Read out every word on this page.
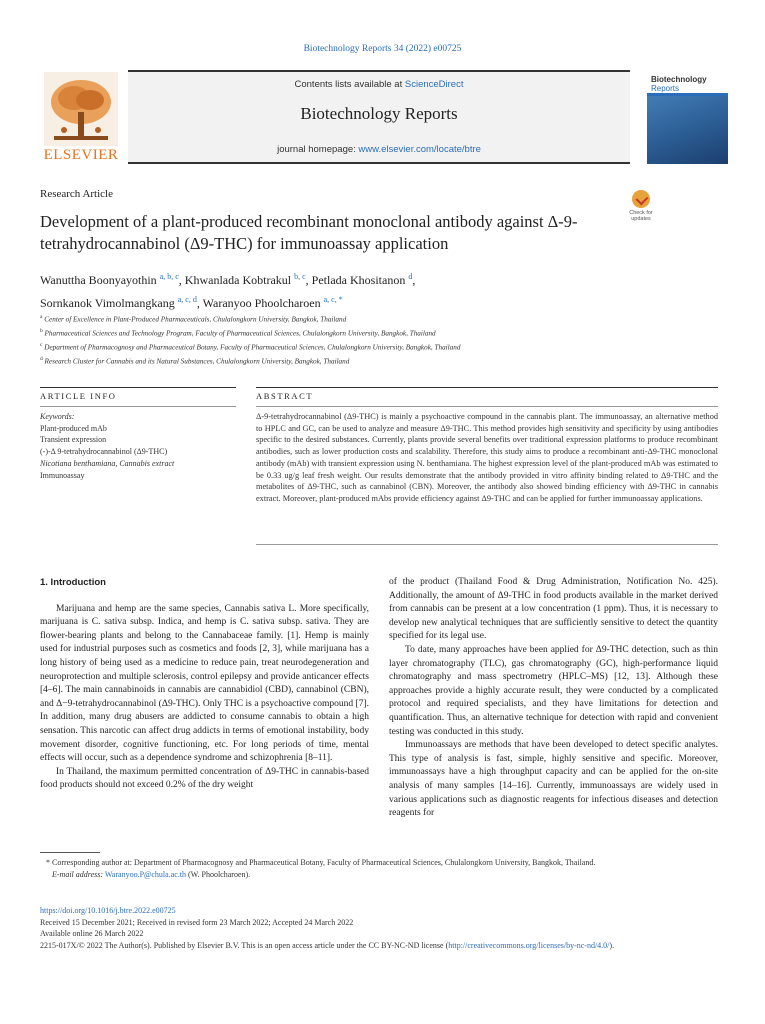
Biotechnology Reports 34 (2022) e00725
ELSEVIER
Contents lists available at ScienceDirect
Biotechnology Reports
journal homepage: www.elsevier.com/locate/btre
Biotechnology
Reports
Research Article
Development of a plant-produced recombinant monoclonal antibody against Δ-9-tetrahydrocannabinol (Δ9-THC) for immunoassay application
Check for updates
Wanuttha Boonyayothin $^{a, b, c}$, Khwanlada Kobtrakul $^{b, c}$, Petlada Khositanon $^d$,
Sornkanok Vimolmangkang $^{a, c, d}$, Waranyoo Phoolcharoen $^{a, c, *}$
$^a$ Center of Excellence in Plant-Produced Pharmaceuticals, Chulalongkorn University, Bangkok, Thailand
$^b$ Pharmaceutical Sciences and Technology Program, Faculty of Pharmaceutical Sciences, Chulalongkorn University, Bangkok, Thailand
$^c$ Department of Pharmacognosy and Pharmaceutical Botany, Faculty of Pharmaceutical Sciences, Chulalongkorn University, Bangkok, Thailand
$^d$ Research Cluster for Cannabis and its Natural Substances, Chulalongkorn University, Bangkok, Thailand
ARTICLE INFO	ABSTRACT
Keywords:
Plant-produced mAb
Transient expression
(-)-Δ 9-tetrahydrocannabinol (Δ9-THC)
Nicotiana benthamiana, Cannabis extract
Immunoassay
Δ-9-tetrahydrocannabinol (Δ9-THC) is mainly a psychoactive compound in the cannabis plant. The immunoassay, an alternative method to HPLC and GC, can be used to analyze and measure Δ9-THC. This method provides high sensitivity and specificity by using antibodies specific to the desired substances. Currently, plants provide several benefits over traditional expression platforms to produce recombinant antibodies, such as lower production costs and scalability. Therefore, this study aims to produce a recombinant anti-Δ9-THC monoclonal antibody (mAb) with transient expression using N. benthamiana. The highest expression level of the plant-produced mAb was estimated to be 0.33 ug/g leaf fresh weight. Our results demonstrate that the antibody provided in vitro affinity binding related to Δ9-THC and the metabolites of Δ9-THC, such as cannabinol (CBN). Moreover, the antibody also showed binding efficiency with Δ9-THC in cannabis extract. Moreover, plant-produced mAbs provide efficiency against Δ9-THC and can be applied for further immunoassay applications.
1. Introduction

Marijuana and hemp are the same species, Cannabis sativa L. More specifically, marijuana is C. sativa subsp. Indica, and hemp is C. sativa subsp. sativa. They are flower-bearing plants and belong to the Cannabaceae family. [1]. Hemp is mainly used for industrial purposes such as cosmetics and foods [2, 3], while marijuana has a long history of being used as a medicine to reduce pain, treat neurodegeneration and neuroprotection and multiple sclerosis, control epilepsy and provide anticancer effects [4–6]. The main cannabinoids in cannabis are cannabidiol (CBD), cannabinol (CBN), and Δ−9-tetrahydrocannabinol (Δ9-THC). Only THC is a psychoactive compound [7]. In addition, many drug abusers are addicted to consume cannabis to obtain a high sensation. This narcotic can affect drug addicts in terms of emotional instability, body movement disorder, cognitive functioning, etc. For long periods of time, mental effects will occur, such as a dependence syndrome and schizophrenia [8–11].

In Thailand, the maximum permitted concentration of Δ9-THC in cannabis-based food products should not exceed 0.2% of the dry weight

of the product (Thailand Food & Drug Administration, Notification No. 425). Additionally, the amount of Δ9-THC in food products available in the market derived from cannabis can be present at a low concentration (1 ppm). Thus, it is necessary to develop new analytical techniques that are sufficiently sensitive to detect the quantity specified for its legal use.

To date, many approaches have been applied for Δ9-THC detection, such as thin layer chromatography (TLC), gas chromatography (GC), high-performance liquid chromatography and mass spectrometry (HPLC–MS) [12, 13]. Although these approaches provide a highly accurate result, they were conducted by a complicated protocol and required specialists, and they have limitations for detection and quantification. Thus, an alternative technique for detection with rapid and convenient testing was conducted in this study.

Immunoassays are methods that have been developed to detect specific analytes. This type of analysis is fast, simple, highly sensitive and specific. Moreover, immunoassays have a high throughput capacity and can be applied for the on-site analysis of many samples [14–16]. Currently, immunoassays are widely used in various applications such as diagnostic reagents for infectious diseases and detection reagents for

* Corresponding author at: Department of Pharmacognosy and Pharmaceutical Botany, Faculty of Pharmaceutical Sciences, Chulalongkorn University, Bangkok, Thailand.
E-mail address: Waranyoo.P@chula.ac.th (W. Phoolcharoen).
https://doi.org/10.1016/j.btre.2022.e00725
Received 15 December 2021; Received in revised form 23 March 2022; Accepted 24 March 2022
Available online 26 March 2022
2215-017X/© 2022 The Author(s). Published by Elsevier B.V. This is an open access article under the CC BY-NC-ND license (http://creativecommons.org/licenses/by-nc-nd/4.0/).
